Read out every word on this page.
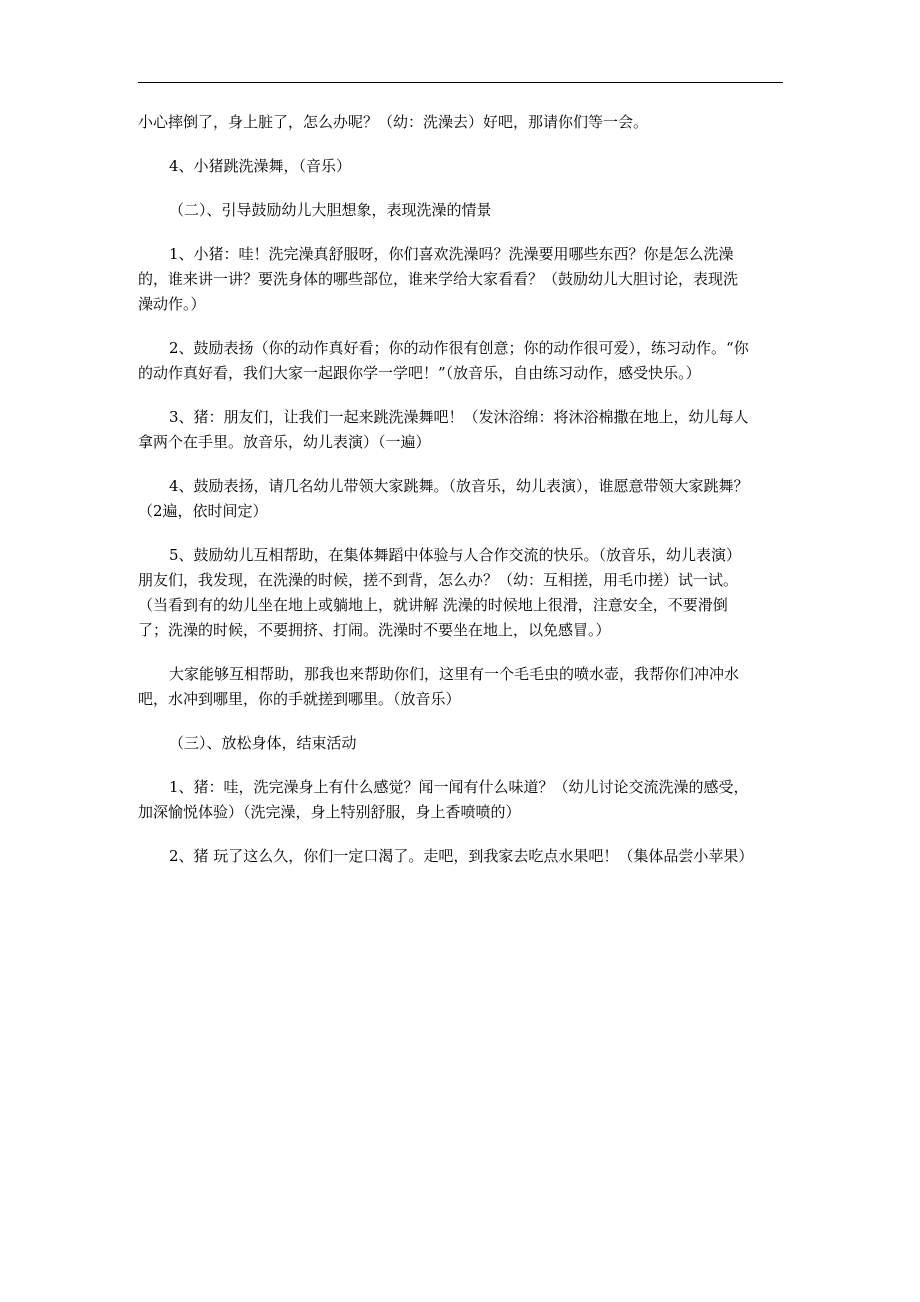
小心摔倒了，身上脏了，怎么办呢？（幼：洗澡去）好吧，那请你们等一会。

4、小猪跳洗澡舞，（音乐）

（二）、引导鼓励幼儿大胆想象，表现洗澡的情景

1、小猪：哇！洗完澡真舒服呀，你们喜欢洗澡吗？洗澡要用哪些东西？你是怎么洗澡
的，谁来讲一讲？要洗身体的哪些部位，谁来学给大家看看？（鼓励幼儿大胆讨论，表现洗
澡动作。）

2、鼓励表扬（你的动作真好看；你的动作很有创意；你的动作很可爱），练习动作。“你
的动作真好看，我们大家一起跟你学一学吧！”（放音乐，自由练习动作，感受快乐。）

3、猪：朋友们，让我们一起来跳洗澡舞吧！（发沐浴绵：将沐浴棉撒在地上，幼儿每人
拿两个在手里。放音乐，幼儿表演）（一遍）

4、鼓励表扬，请几名幼儿带领大家跳舞。（放音乐，幼儿表演），谁愿意带领大家跳舞？
（2遍，依时间定）

5、鼓励幼儿互相帮助，在集体舞蹈中体验与人合作交流的快乐。（放音乐，幼儿表演）
朋友们，我发现，在洗澡的时候，搓不到背，怎么办？（幼：互相搓，用毛巾搓）试一试。
（当看到有的幼儿坐在地上或躺地上，就讲解 洗澡的时候地上很滑，注意安全，不要滑倒
了；洗澡的时候，不要拥挤、打闹。洗澡时不要坐在地上，以免感冒。）

大家能够互相帮助，那我也来帮助你们，这里有一个毛毛虫的喷水壶，我帮你们冲冲水
吧，水冲到哪里，你的手就搓到哪里。（放音乐）

（三）、放松身体，结束活动

1、猪：哇，洗完澡身上有什么感觉？闻一闻有什么味道？（幼儿讨论交流洗澡的感受，
加深愉悦体验）（洗完澡，身上特别舒服，身上香喷喷的）

2、猪 玩了这么久，你们一定口渴了。走吧，到我家去吃点水果吧！（集体品尝小苹果）
